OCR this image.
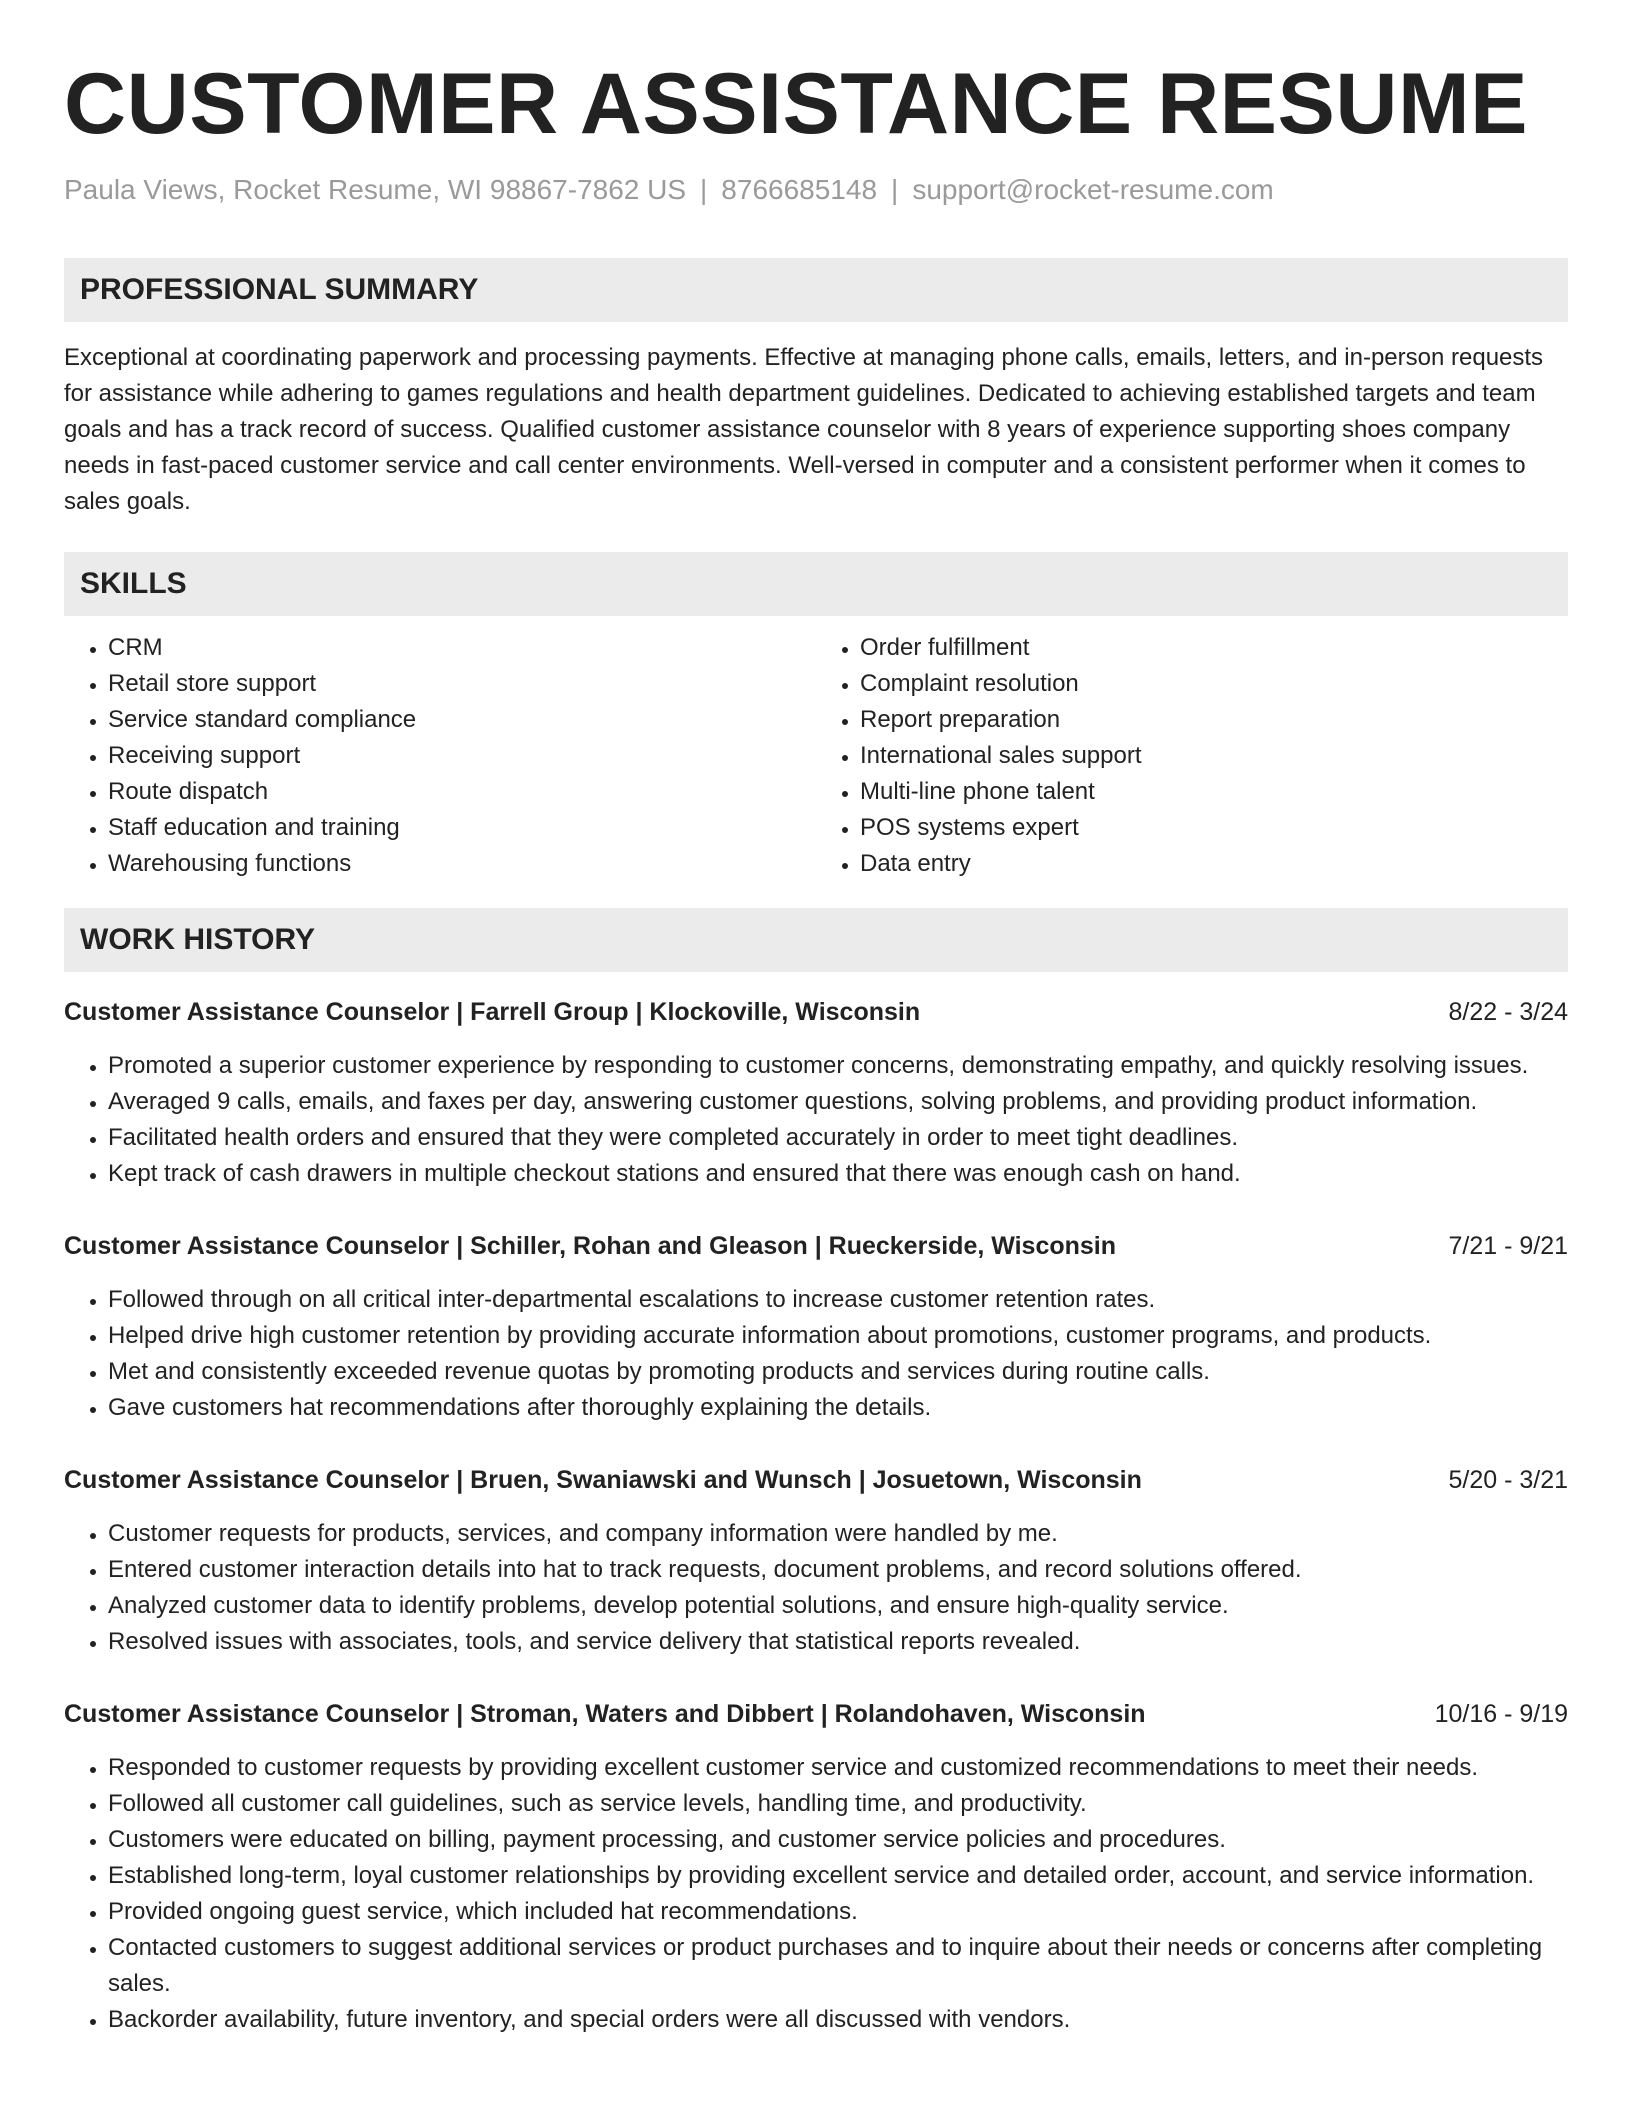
CUSTOMER ASSISTANCE RESUME
Paula Views, Rocket Resume, WI 98867-7862 US | 8766685148 | support@rocket-resume.com
PROFESSIONAL SUMMARY
Exceptional at coordinating paperwork and processing payments. Effective at managing phone calls, emails, letters, and in-person requests for assistance while adhering to games regulations and health department guidelines. Dedicated to achieving established targets and team goals and has a track record of success. Qualified customer assistance counselor with 8 years of experience supporting shoes company needs in fast-paced customer service and call center environments. Well-versed in computer and a consistent performer when it comes to sales goals.
SKILLS
• CRM
• Retail store support
• Service standard compliance
• Receiving support
• Route dispatch
• Staff education and training
• Warehousing functions
• Order fulfillment
• Complaint resolution
• Report preparation
• International sales support
• Multi-line phone talent
• POS systems expert
• Data entry
WORK HISTORY
Customer Assistance Counselor | Farrell Group | Klockoville, Wisconsin	8/22 - 3/24
• Promoted a superior customer experience by responding to customer concerns, demonstrating empathy, and quickly resolving issues.
• Averaged 9 calls, emails, and faxes per day, answering customer questions, solving problems, and providing product information.
• Facilitated health orders and ensured that they were completed accurately in order to meet tight deadlines.
• Kept track of cash drawers in multiple checkout stations and ensured that there was enough cash on hand.
Customer Assistance Counselor | Schiller, Rohan and Gleason | Rueckerside, Wisconsin	7/21 - 9/21
• Followed through on all critical inter-departmental escalations to increase customer retention rates.
• Helped drive high customer retention by providing accurate information about promotions, customer programs, and products.
• Met and consistently exceeded revenue quotas by promoting products and services during routine calls.
• Gave customers hat recommendations after thoroughly explaining the details.
Customer Assistance Counselor | Bruen, Swaniawski and Wunsch | Josuetown, Wisconsin	5/20 - 3/21
• Customer requests for products, services, and company information were handled by me.
• Entered customer interaction details into hat to track requests, document problems, and record solutions offered.
• Analyzed customer data to identify problems, develop potential solutions, and ensure high-quality service.
• Resolved issues with associates, tools, and service delivery that statistical reports revealed.
Customer Assistance Counselor | Stroman, Waters and Dibbert | Rolandohaven, Wisconsin	10/16 - 9/19
• Responded to customer requests by providing excellent customer service and customized recommendations to meet their needs.
• Followed all customer call guidelines, such as service levels, handling time, and productivity.
• Customers were educated on billing, payment processing, and customer service policies and procedures.
• Established long-term, loyal customer relationships by providing excellent service and detailed order, account, and service information.
• Provided ongoing guest service, which included hat recommendations.
• Contacted customers to suggest additional services or product purchases and to inquire about their needs or concerns after completing sales.
• Backorder availability, future inventory, and special orders were all discussed with vendors.
